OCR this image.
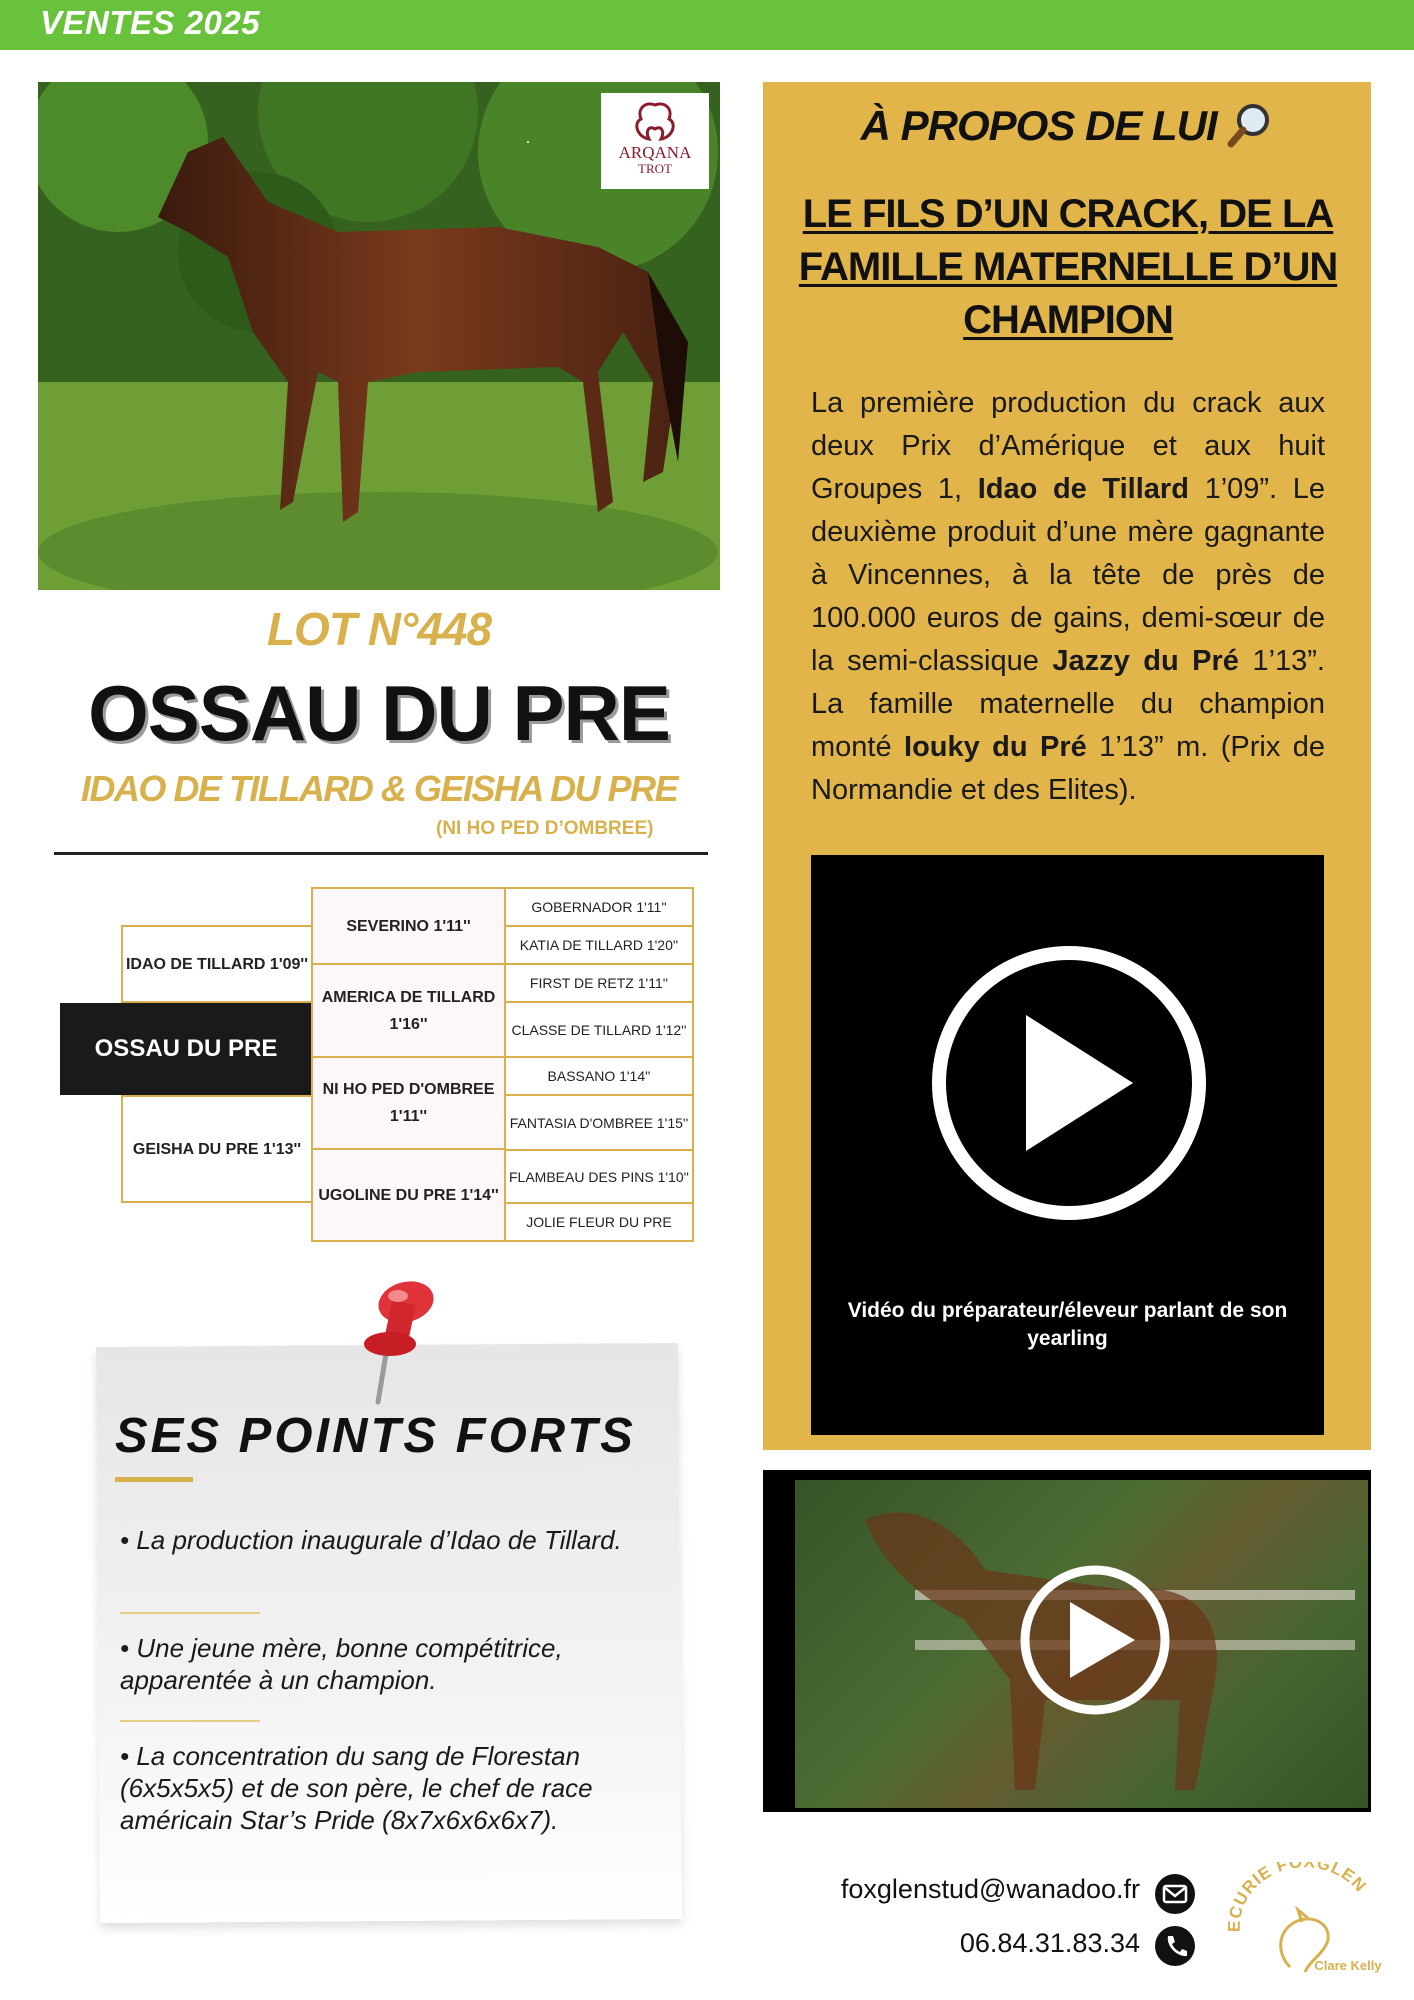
VENTES 2025
ARQANA
TROT
LOT N°448
OSSAU DU PRE
IDAO DE TILLARD & GEISHA DU PRE
(NI HO PED D’OMBREE)
IDAO DE TILLARD 1'09''
OSSAU DU PRE
GEISHA DU PRE 1'13''
SEVERINO 1'11''
AMERICA DE TILLARD 1'16''
NI HO PED D'OMBREE 1'11''
UGOLINE DU PRE 1'14''
GOBERNADOR 1'11''
KATIA DE TILLARD 1'20''
FIRST DE RETZ 1'11''
CLASSE DE TILLARD 1'12''
BASSANO 1'14''
FANTASIA D'OMBREE 1'15''
FLAMBEAU DES PINS 1'10''
JOLIE FLEUR DU PRE
SES POINTS FORTS
• La production inaugurale d’Idao de Tillard.
• Une jeune mère, bonne compétitrice, apparentée à un champion.
• La concentration du sang de Florestan (6x5x5x5) et de son père, le chef de race américain Star’s Pride (8x7x6x6x6x7).
À PROPOS DE LUI
LE FILS D’UN CRACK, DE LA FAMILLE MATERNELLE D’UN CHAMPION
La première production du crack aux deux Prix d’Amérique et aux huit Groupes 1, Idao de Tillard 1’09”. Le deuxième produit d’une mère gagnante à Vincennes, à la tête de près de 100.000 euros de gains, demi-sœur de la semi-classique Jazzy du Pré 1’13”. La famille maternelle du champion monté Iouky du Pré 1’13” m. (Prix de Normandie et des Elites).
Vidéo du préparateur/éleveur parlant de son yearling
foxglenstud@wanadoo.fr
06.84.31.83.34
ECURIE FO GLEN
Clare Kelly
